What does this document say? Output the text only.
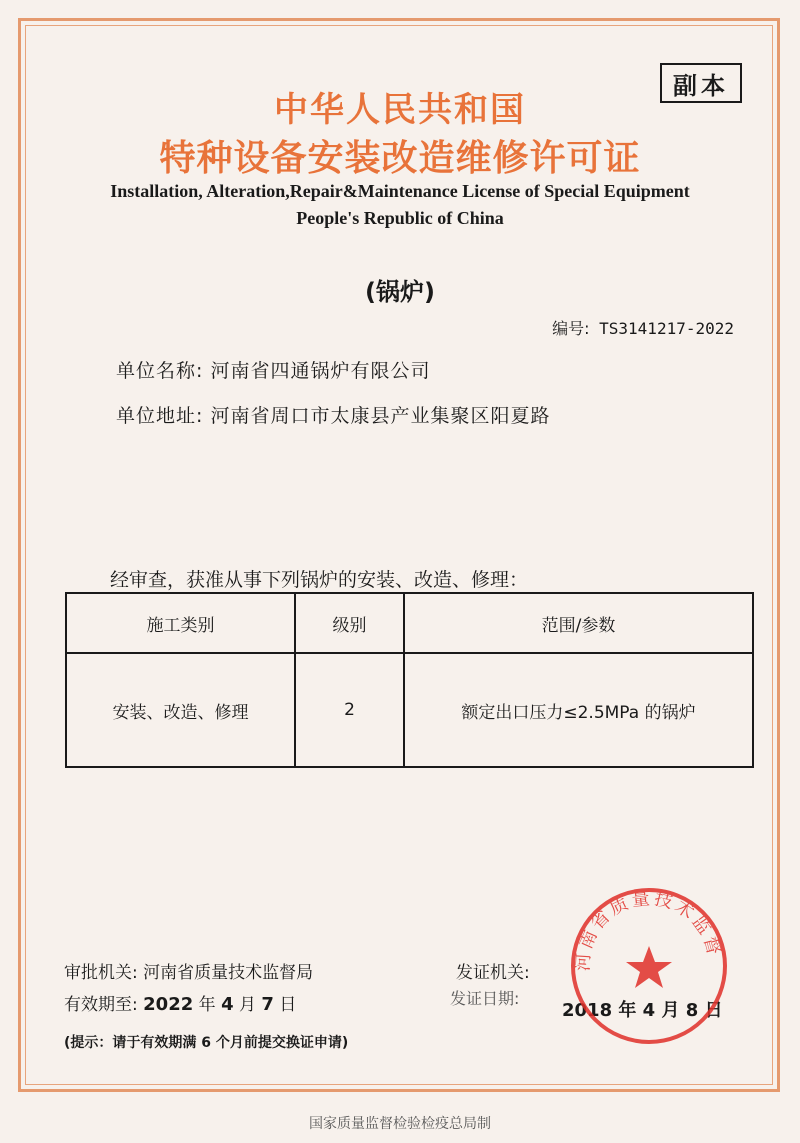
副本
中华人民共和国
特种设备安装改造维修许可证
Installation, Alteration,Repair&Maintenance License of Special Equipment
People's Republic of China
(锅炉)
编号: TS3141217-2022
单位名称: 河南省四通锅炉有限公司
单位地址: 河南省周口市太康县产业集聚区阳夏路
经审查，获准从事下列锅炉的安装、改造、修理：
施工类别	级别	范围/参数
安装、改造、修理	2	额定出口压力≤2.5MPa 的锅炉
审批机关: 河南省质量技术监督局
有效期至: 2022 年 4 月 7 日
发证机关:
发证日期:
2018 年 4 月 8 日
河南省质量技术监督
(提示：请于有效期满 6 个月前提交换证申请)
国家质量监督检验检疫总局制
